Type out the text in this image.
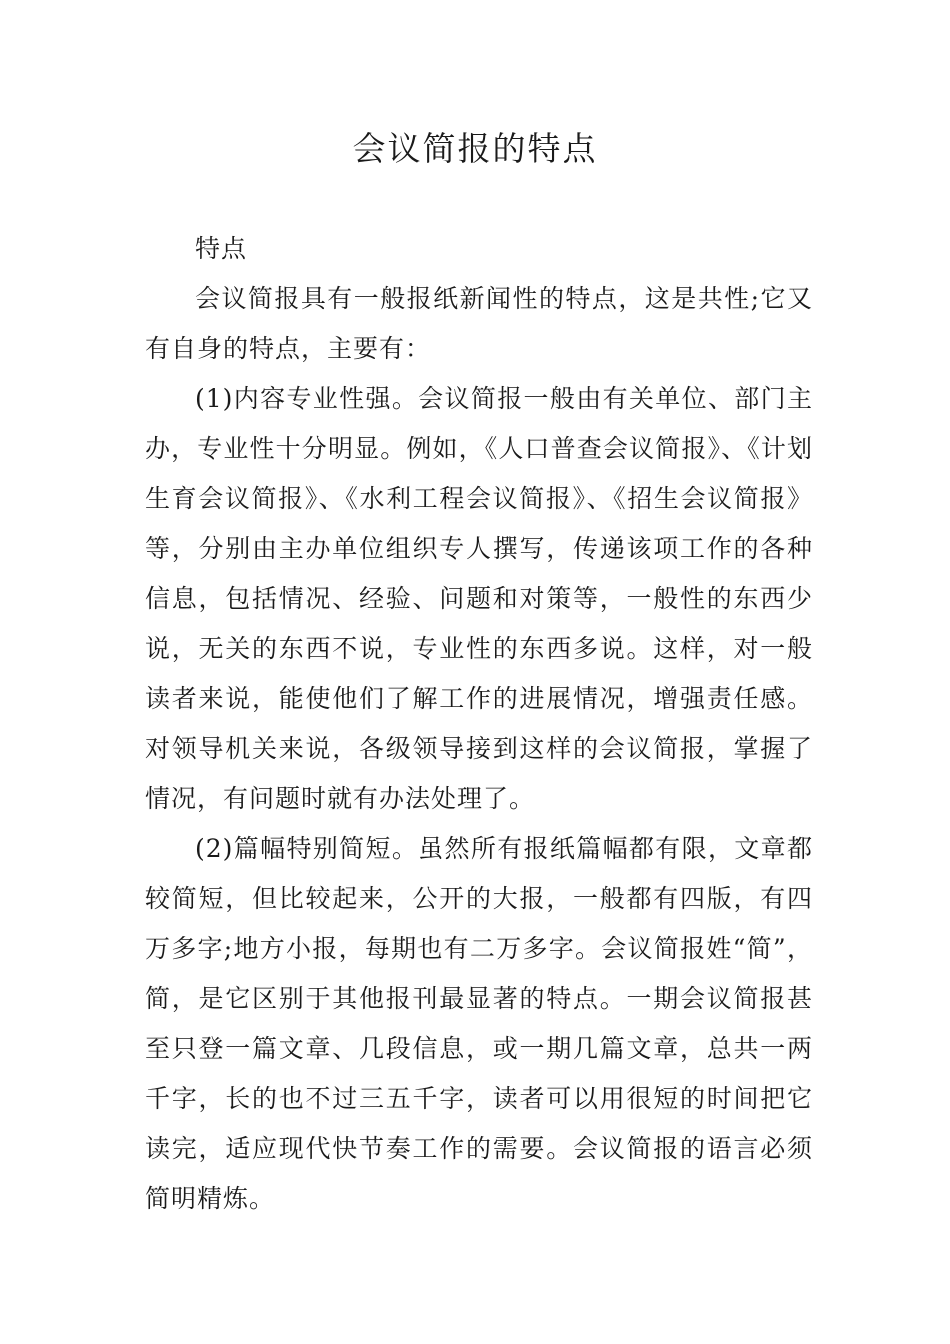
会议简报的特点

特点

会议简报具有一般报纸新闻性的特点，这是共性;它又有自身的特点，主要有：

(1)内容专业性强。会议简报一般由有关单位、部门主办，专业性十分明显。例如，《人口普查会议简报》、《计划生育会议简报》、《水利工程会议简报》、《招生会议简报》等，分别由主办单位组织专人撰写，传递该项工作的各种信息，包括情况、经验、问题和对策等，一般性的东西少说，无关的东西不说，专业性的东西多说。这样，对一般读者来说，能使他们了解工作的进展情况，增强责任感。对领导机关来说，各级领导接到这样的会议简报，掌握了情况，有问题时就有办法处理了。

(2)篇幅特别简短。虽然所有报纸篇幅都有限，文章都较简短，但比较起来，公开的大报，一般都有四版，有四万多字;地方小报，每期也有二万多字。会议简报姓“简”，简，是它区别于其他报刊最显著的特点。一期会议简报甚至只登一篇文章、几段信息，或一期几篇文章，总共一两千字，长的也不过三五千字，读者可以用很短的时间把它读完，适应现代快节奏工作的需要。会议简报的语言必须简明精炼。
